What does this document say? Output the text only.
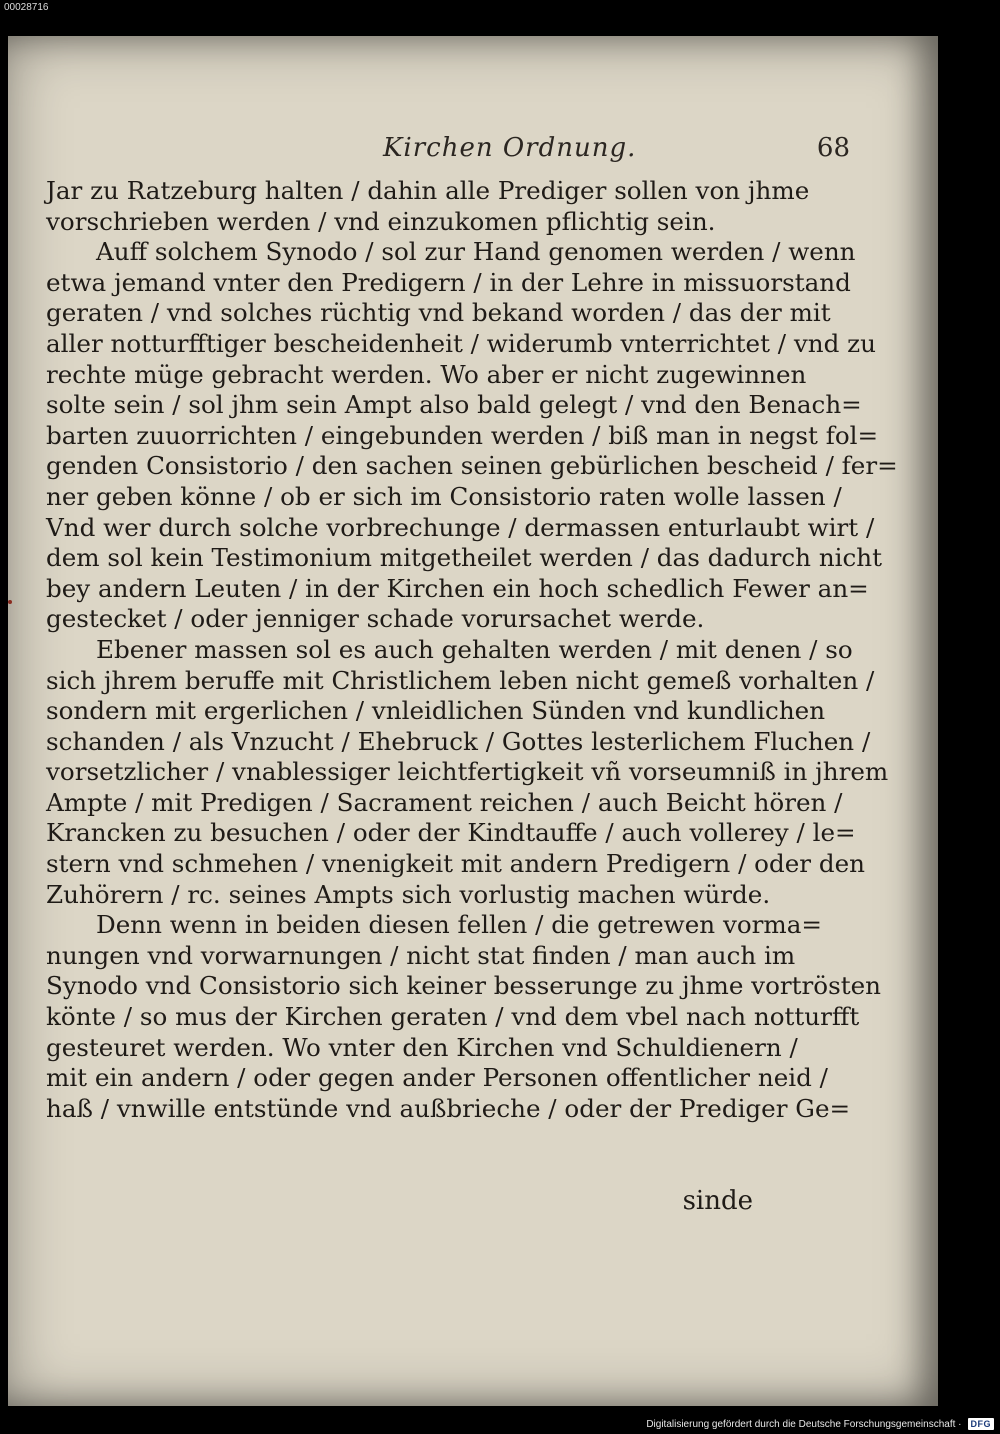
00028716
Kirchen Ordnung.	68
Jar zu Ratzeburg halten / dahin alle Prediger sollen von jhme
vorschrieben werden / vnd einzukomen pflichtig sein.
Auff solchem Synodo / sol zur Hand genomen werden / wenn
etwa jemand vnter den Predigern / in der Lehre in missuorstand
geraten / vnd solches rüchtig vnd bekand worden / das der mit
aller notturfftiger bescheidenheit / widerumb vnterrichtet / vnd zu
rechte müge gebracht werden. Wo aber er nicht zugewinnen
solte sein / sol jhm sein Ampt also bald gelegt / vnd den Benach=
barten zuuorrichten / eingebunden werden / biß man in negst fol=
genden Consistorio / den sachen seinen gebürlichen bescheid / fer=
ner geben könne / ob er sich im Consistorio raten wolle lassen /
Vnd wer durch solche vorbrechunge / dermassen enturlaubt wirt /
dem sol kein Testimonium mitgetheilet werden / das dadurch nicht
bey andern Leuten / in der Kirchen ein hoch schedlich Fewer an=
gestecket / oder jenniger schade vorursachet werde.
Ebener massen sol es auch gehalten werden / mit denen / so
sich jhrem beruffe mit Christlichem leben nicht gemeß vorhalten /
sondern mit ergerlichen / vnleidlichen Sünden vnd kundlichen
schanden / als Vnzucht / Ehebruck / Gottes lesterlichem Fluchen /
vorsetzlicher / vnablessiger leichtfertigkeit vñ vorseumniß in jhrem
Ampte / mit Predigen / Sacrament reichen / auch Beicht hören /
Krancken zu besuchen / oder der Kindtauffe / auch vollerey / le=
stern vnd schmehen / vnenigkeit mit andern Predigern / oder den
Zuhörern / rc. seines Ampts sich vorlustig machen würde.
Denn wenn in beiden diesen fellen / die getrewen vorma=
nungen vnd vorwarnungen / nicht stat finden / man auch im
Synodo vnd Consistorio sich keiner besserunge zu jhme vortrösten
könte / so mus der Kirchen geraten / vnd dem vbel nach notturfft
gesteuret werden. Wo vnter den Kirchen vnd Schuldienern /
mit ein andern / oder gegen ander Personen offentlicher neid /
haß / vnwille entstünde vnd außbrieche / oder der Prediger Ge=
sinde
Digitalisierung gefördert durch die Deutsche Forschungsgemeinschaft ·	DFG
